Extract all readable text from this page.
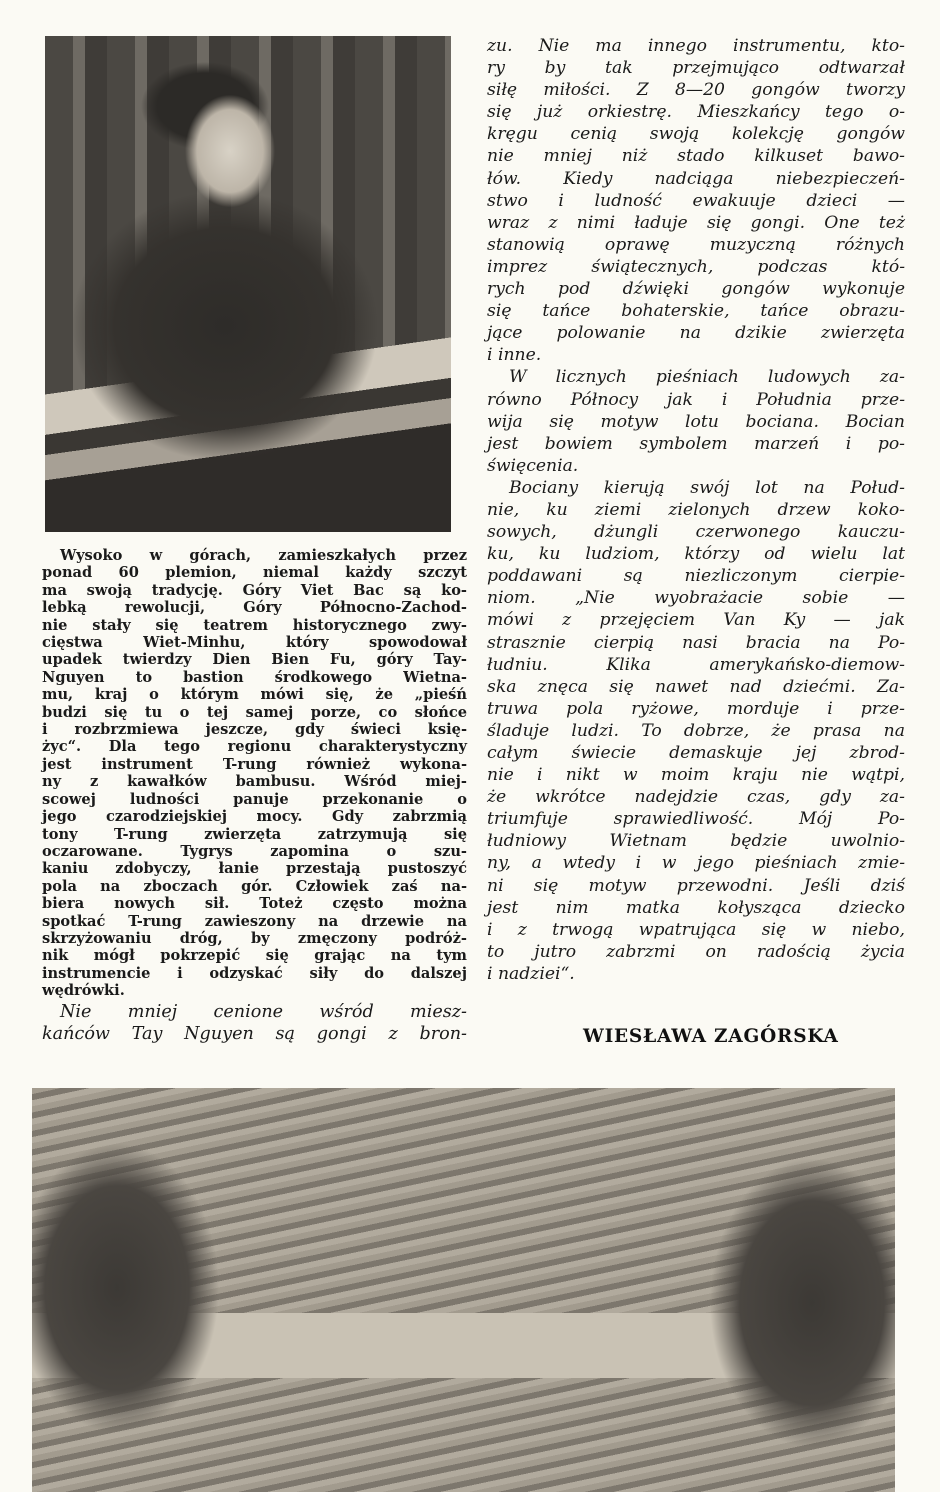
Wysoko w górach, zamieszkałych przez
ponad 60 plemion, niemal każdy szczyt
ma swoją tradycję. Góry Viet Bac są ko-
lebką rewolucji, Góry Północno-Zachod-
nie stały się teatrem historycznego zwy-
cięstwa Wiet-Minhu, który spowodował
upadek twierdzy Dien Bien Fu, góry Tay-
Nguyen to bastion środkowego Wietna-
mu, kraj o którym mówi się, że „pieśń
budzi się tu o tej samej porze, co słońce
i rozbrzmiewa jeszcze, gdy świeci księ-
życ“. Dla tego regionu charakterystyczny
jest instrument T-rung również wykona-
ny z kawałków bambusu. Wśród miej-
scowej ludności panuje przekonanie o
jego czarodziejskiej mocy. Gdy zabrzmią
tony T-rung zwierzęta zatrzymują się
oczarowane. Tygrys zapomina o szu-
kaniu zdobyczy, łanie przestają pustoszyć
pola na zboczach gór. Człowiek zaś na-
biera nowych sił. Toteż często można
spotkać T-rung zawieszony na drzewie na
skrzyżowaniu dróg, by zmęczony podróż-
nik mógł pokrzepić się grając na tym
instrumencie i odzyskać siły do dalszej
wędrówki.
Nie mniej cenione wśród miesz-
kańców Tay Nguyen są gongi z bron-
zu. Nie ma innego instrumentu, kto-
ry by tak przejmująco odtwarzał
siłę miłości. Z 8—20 gongów tworzy
się już orkiestrę. Mieszkańcy tego o-
kręgu cenią swoją kolekcję gongów
nie mniej niż stado kilkuset bawo-
łów. Kiedy nadciąga niebezpieczeń-
stwo i ludność ewakuuje dzieci —
wraz z nimi ładuje się gongi. One też
stanowią oprawę muzyczną różnych
imprez świątecznych, podczas któ-
rych pod dźwięki gongów wykonuje
się tańce bohaterskie, tańce obrazu-
jące polowanie na dzikie zwierzęta
i inne.
W licznych pieśniach ludowych za-
równo Północy jak i Południa prze-
wija się motyw lotu bociana. Bocian
jest bowiem symbolem marzeń i po-
święcenia.
Bociany kierują swój lot na Połud-
nie, ku ziemi zielonych drzew koko-
sowych, dżungli czerwonego kauczu-
ku, ku ludziom, którzy od wielu lat
poddawani są niezliczonym cierpie-
niom. „Nie wyobrażacie sobie —
mówi z przejęciem Van Ky — jak
strasznie cierpią nasi bracia na Po-
łudniu. Klika amerykańsko-diemow-
ska znęca się nawet nad dziećmi. Za-
truwa pola ryżowe, morduje i prze-
śladuje ludzi. To dobrze, że prasa na
całym świecie demaskuje jej zbrod-
nie i nikt w moim kraju nie wątpi,
że wkrótce nadejdzie czas, gdy za-
triumfuje sprawiedliwość. Mój Po-
łudniowy Wietnam będzie uwolnio-
ny, a wtedy i w jego pieśniach zmie-
ni się motyw przewodni. Jeśli dziś
jest nim matka kołysząca dziecko
i z trwogą wpatrująca się w niebo,
to jutro zabrzmi on radością życia
i nadziei“.
WIESŁAWA ZAGÓRSKA
